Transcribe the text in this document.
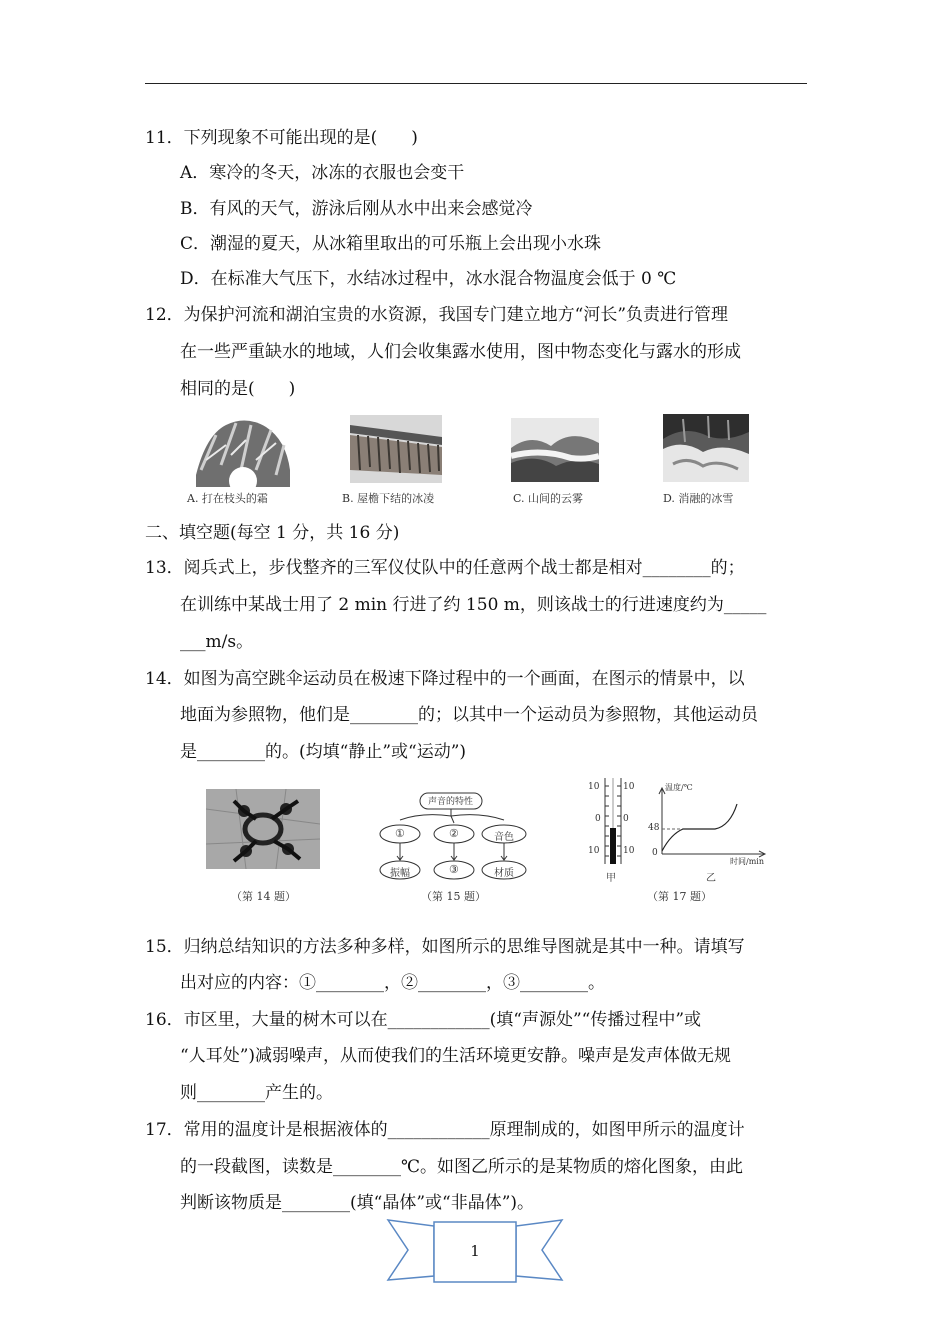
11．下列现象不可能出现的是(　　)
A．寒冷的冬天，冰冻的衣服也会变干
B．有风的天气，游泳后刚从水中出来会感觉冷
C．潮湿的夏天，从冰箱里取出的可乐瓶上会出现小水珠
D．在标准大气压下，水结冰过程中，冰水混合物温度会低于 0 ℃
12．为保护河流和湖泊宝贵的水资源，我国专门建立地方“河长”负责进行管理
在一些严重缺水的地域，人们会收集露水使用，图中物态变化与露水的形成
相同的是(　　)
A. 打在枝头的霜	B. 屋檐下结的冰凌	C. 山间的云雾	D. 消融的冰雪
二、填空题(每空 1 分，共 16 分)
13．阅兵式上，步伐整齐的三军仪仗队中的任意两个战士都是相对________的；
在训练中某战士用了 2 min 行进了约 150 m，则该战士的行进速度约为_____
___m/s。
14．如图为高空跳伞运动员在极速下降过程中的一个画面，在图示的情景中，以
地面为参照物，他们是________的；以其中一个运动员为参照物，其他运动员
是________的。(均填“静止”或“运动”)
（第 14 题）
声音的特性
①	②	音色
振幅	③	材质
（第 15 题）
10
0
10
10
0
10
甲	乙
温度/℃
时间/min
48
0
（第 17 题）
15．归纳总结知识的方法多种多样，如图所示的思维导图就是其中一种。请填写
出对应的内容：①________，②________，③________。
16．市区里，大量的树木可以在____________(填“声源处”“传播过程中”或
“人耳处”)减弱噪声，从而使我们的生活环境更安静。噪声是发声体做无规
则________产生的。
17．常用的温度计是根据液体的____________原理制成的，如图甲所示的温度计
的一段截图，读数是________℃。如图乙所示的是某物质的熔化图象，由此
判断该物质是________(填“晶体”或“非晶体”)。
1
